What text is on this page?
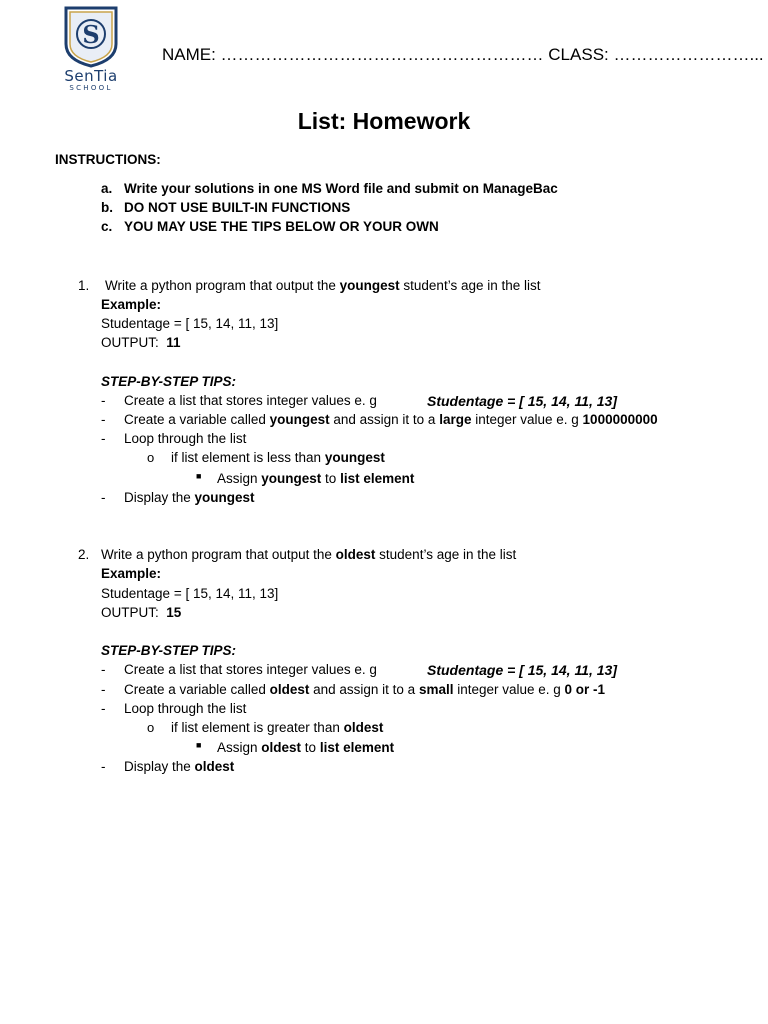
S
SenTia
SCHOOL
NAME: ………………………………………………… CLASS: ……………………...
List: Homework
INSTRUCTIONS:
a. Write your solutions in one MS Word file and submit on ManageBac
b. DO NOT USE BUILT-IN FUNCTIONS
c. YOU MAY USE THE TIPS BELOW OR YOUR OWN
1. Write a python program that output the youngest student’s age in the list
Example:
Studentage = [ 15, 14, 11, 13]
OUTPUT: 11
STEP-BY-STEP TIPS:
- Create a list that stores integer values e. g	Studentage = [ 15, 14, 11, 13]
- Create a variable called youngest and assign it to a large integer value e. g 1000000000
- Loop through the list
o if list element is less than youngest
■ Assign youngest to list element
- Display the youngest
2. Write a python program that output the oldest student’s age in the list
Example:
Studentage = [ 15, 14, 11, 13]
OUTPUT: 15
STEP-BY-STEP TIPS:
- Create a list that stores integer values e. g	Studentage = [ 15, 14, 11, 13]
- Create a variable called oldest and assign it to a small integer value e. g 0 or -1
- Loop through the list
o if list element is greater than oldest
■ Assign oldest to list element
- Display the oldest
